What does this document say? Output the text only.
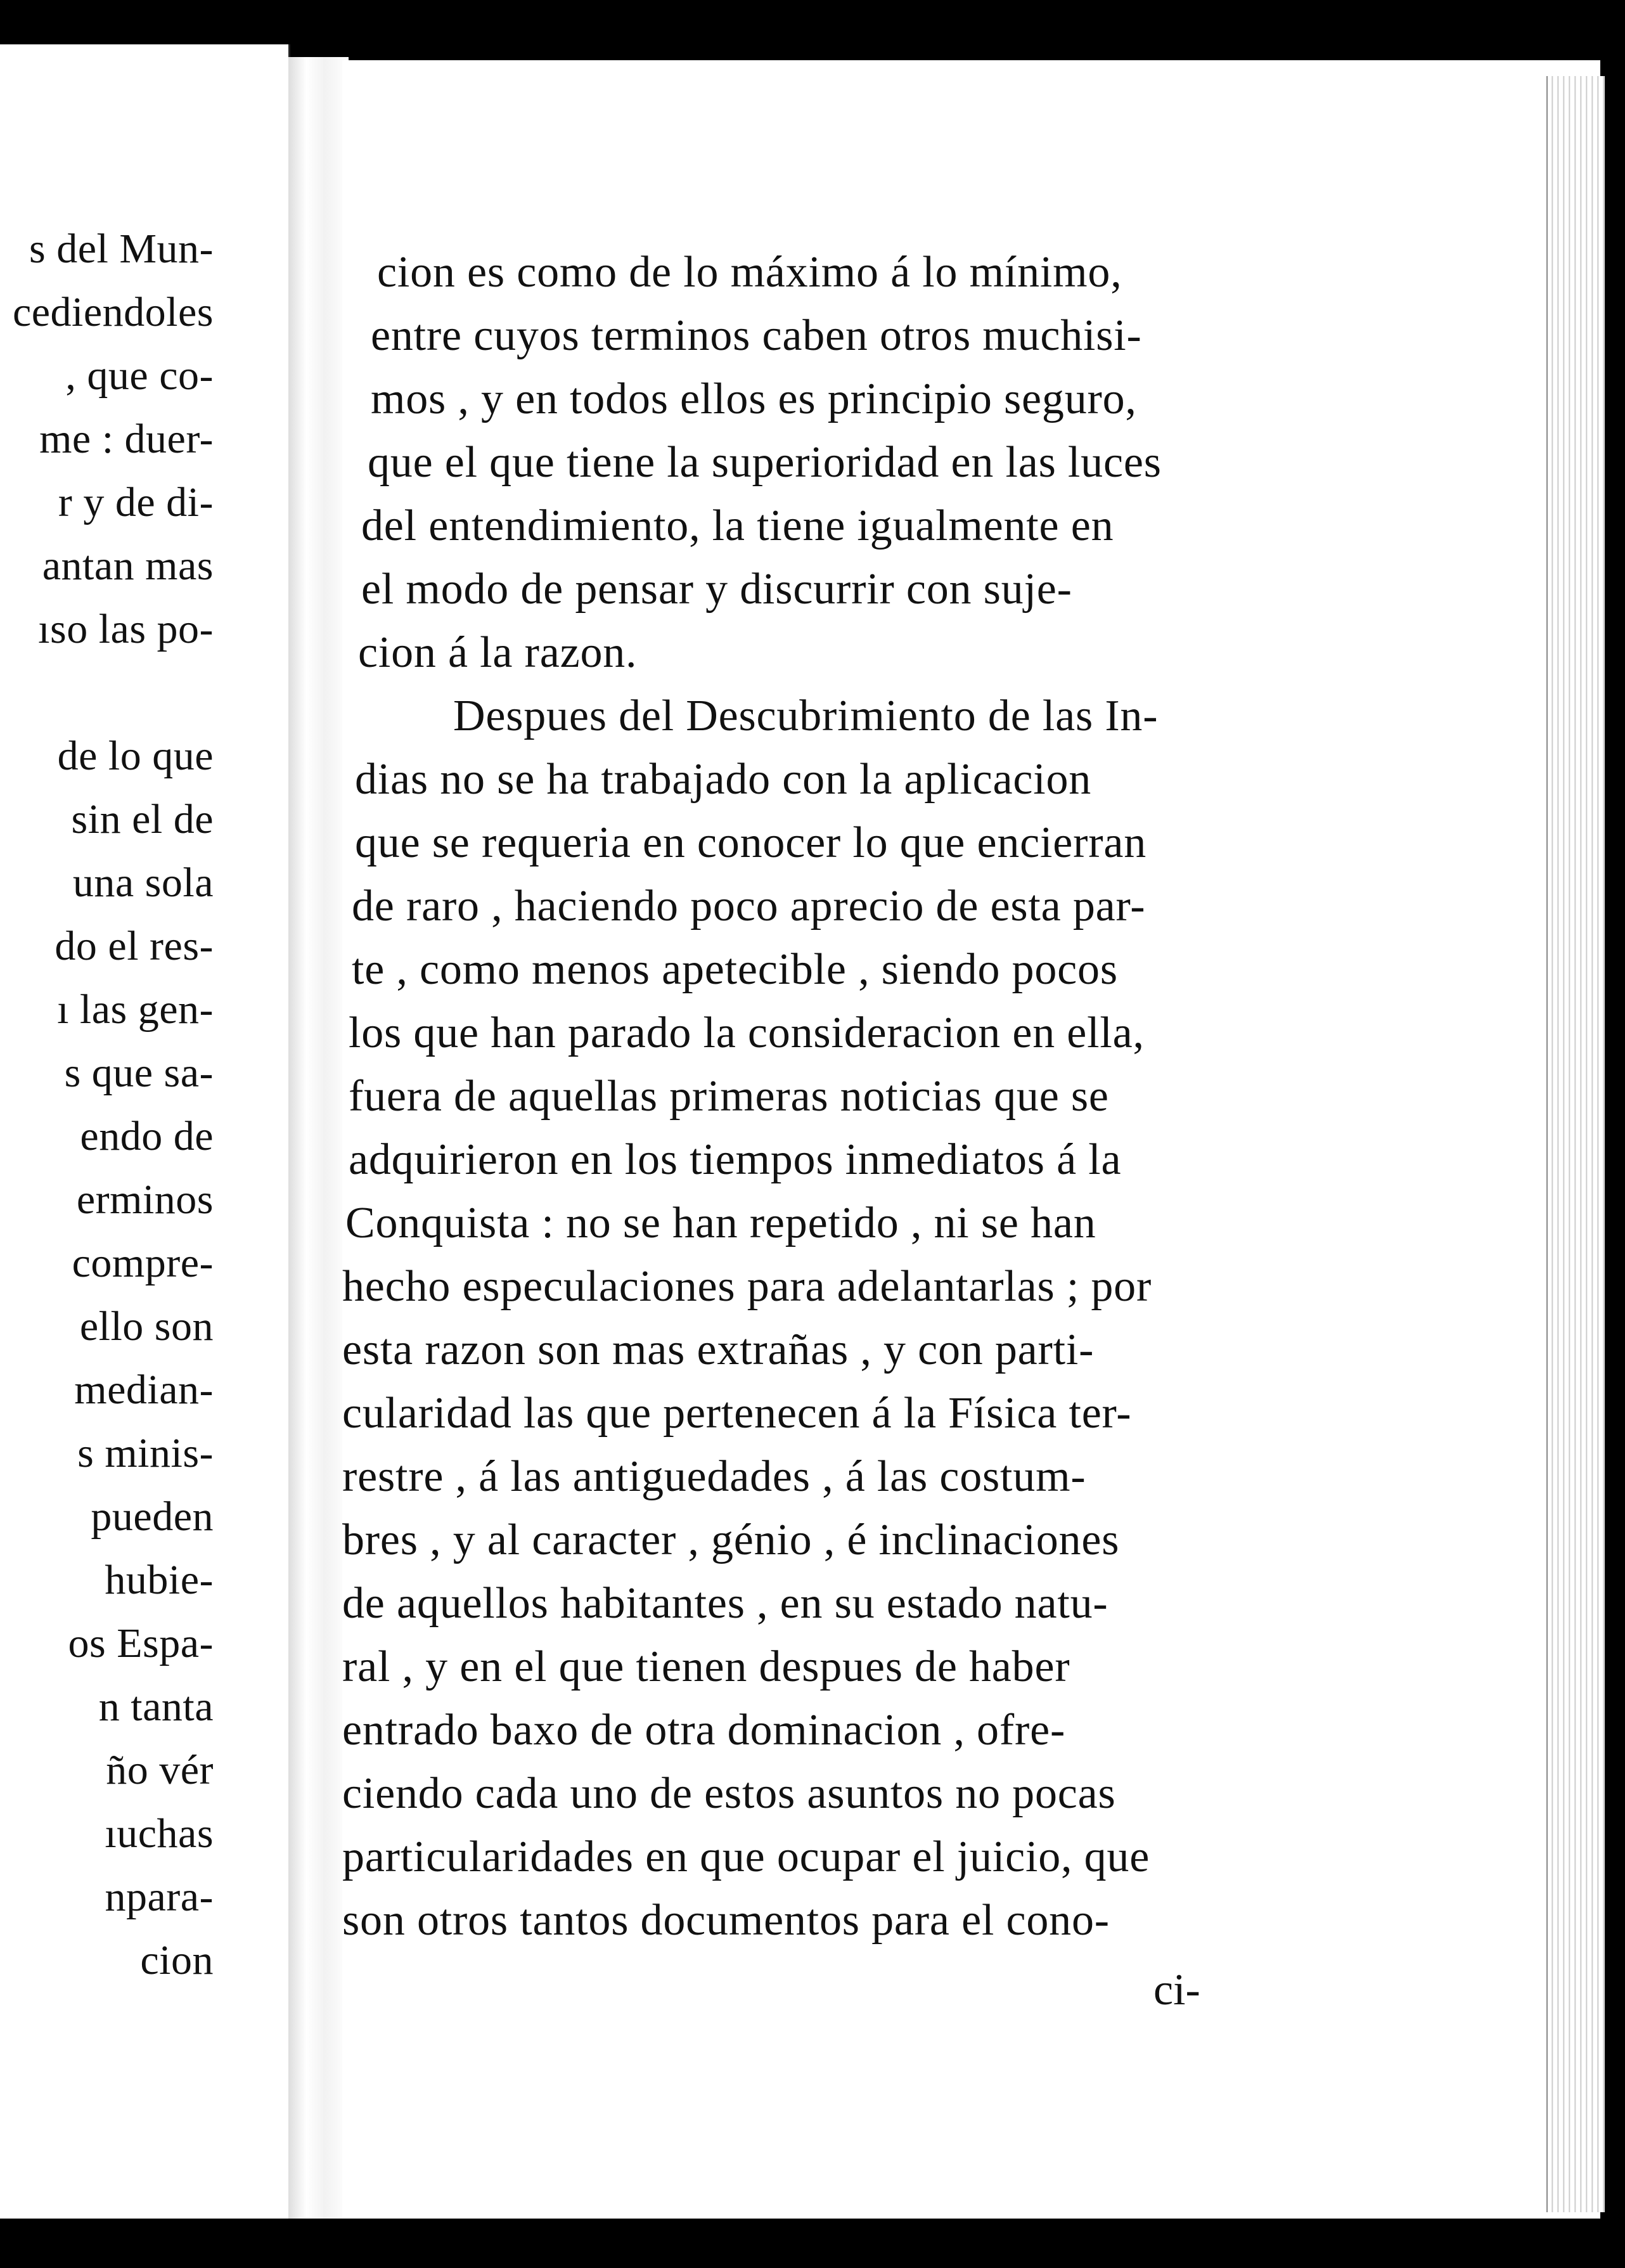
s del Mun-
cediendoles
, que co-
me : duer-
r y de di-
antan mas
ıso las po-
de lo que
sin el de
una sola
do el res-
ı las gen-
s que sa-
endo de
erminos
compre-
ello son
median-
s minis-
pueden
hubie-
os Espa-
n tanta
ño vér
ıuchas
npara-
cion
cion es como de lo máximo á lo mínimo,
entre cuyos terminos caben otros muchisi-
mos , y en todos ellos es principio seguro,
que el que tiene la superioridad en las luces
del entendimiento, la tiene igualmente en
el modo de pensar y discurrir con suje-
cion á la razon.
Despues del Descubrimiento de las In-
dias no se ha trabajado con la aplicacion
que se requeria en conocer lo que encierran
de raro , haciendo poco aprecio de esta par-
te , como menos apetecible , siendo pocos
los que han parado la consideracion en ella,
fuera de aquellas primeras noticias que se
adquirieron en los tiempos inmediatos á la
Conquista : no se han repetido , ni se han
hecho especulaciones para adelantarlas ; por
esta razon son mas extrañas , y con parti-
cularidad las que pertenecen á la Física ter-
restre , á las antiguedades , á las costum-
bres , y al caracter , génio , é inclinaciones
de aquellos habitantes , en su estado natu-
ral , y en el que tienen despues de haber
entrado baxo de otra dominacion , ofre-
ciendo cada uno de estos asuntos no pocas
particularidades en que ocupar el juicio, que
son otros tantos documentos para el cono-
ci-
